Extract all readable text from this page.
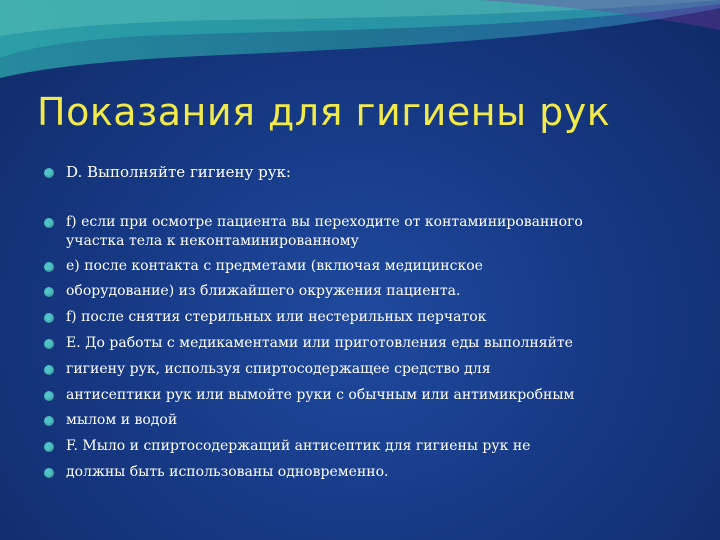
Показания для гигиены рук
D. Выполняйте гигиену рук:
f) если при осмотре пациента вы переходите от контаминированного
участка тела к неконтаминированному
e) после контакта с предметами (включая медицинское
оборудование) из ближайшего окружения пациента.
f) после снятия стерильных или нестерильных перчаток
E. До работы с медикаментами или приготовления еды выполняйте
гигиену рук, используя спиртосодержащее средство для
антисептики рук или вымойте руки с обычным или антимикробным
мылом и водой
F. Мыло и спиртосодержащий антисептик для гигиены рук не
должны быть использованы одновременно.
